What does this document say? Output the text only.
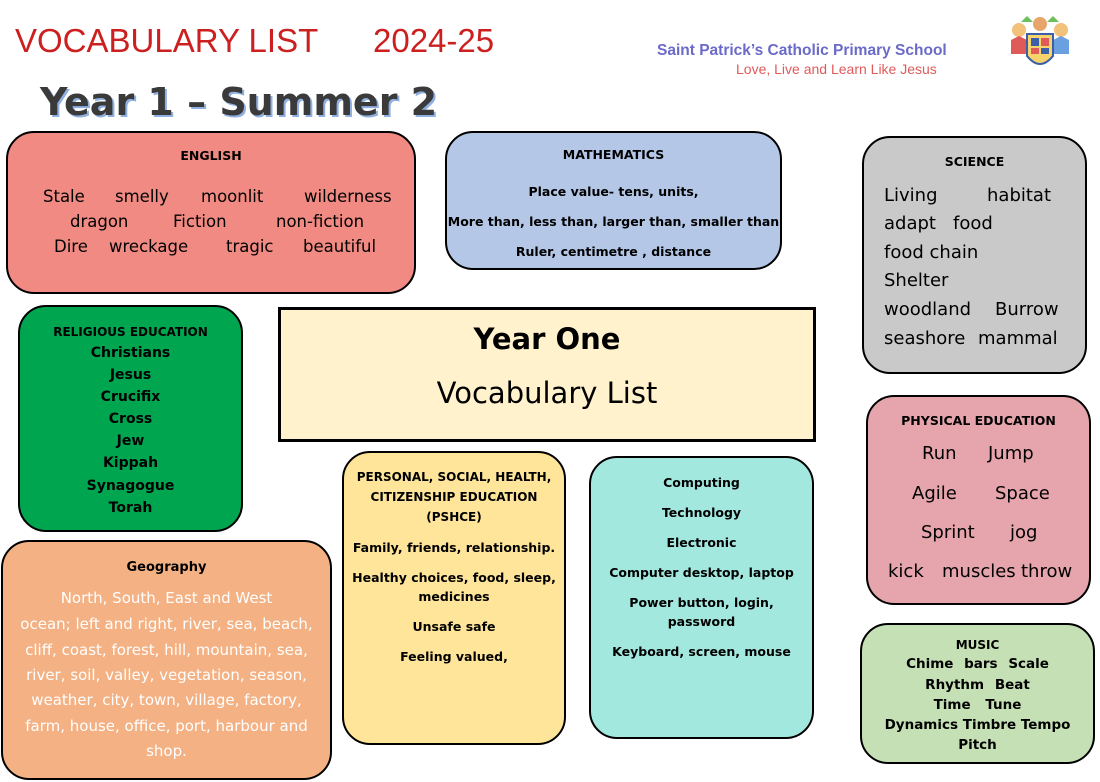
VOCABULARY LIST 2024-25
Year 1 – Summer 2
Saint Patrick’s Catholic Primary School
Love, Live and Learn Like Jesus
ENGLISH
Stale smelly moonlit wilderness
dragon	Fiction	non-fiction
Dire wreckage tragic beautiful
MATHEMATICS
Place value- tens, units,
More than, less than, larger than, smaller than
Ruler, centimetre , distance
SCIENCE
Living	habitat
adapt food
food chain
Shelter
woodland Burrow
seashore mammal
RELIGIOUS EDUCATION
Christians
Jesus
Crucifix
Cross
Jew
Kippah
Synagogue
Torah
Year One
Vocabulary List
PHYSICAL EDUCATION
Run Jump
Agile Space
Sprint jog
kick muscles throw
Geography
North, South, East and West
ocean; left and right, river, sea, beach,
cliff, coast, forest, hill, mountain, sea,
river, soil, valley, vegetation, season,
weather, city, town, village, factory,
farm, house, office, port, harbour and
shop.
PERSONAL, SOCIAL, HEALTH,
CITIZENSHIP EDUCATION
(PSHCE)
Family, friends, relationship.
Healthy choices, food, sleep,
medicines
Unsafe safe
Feeling valued,
Computing
Technology
Electronic
Computer desktop, laptop
Power button, login,
password
Keyboard, screen, mouse	MUSIC
Chime bars Scale
Rhythm Beat
Time Tune
Dynamics Timbre Tempo
Pitch
